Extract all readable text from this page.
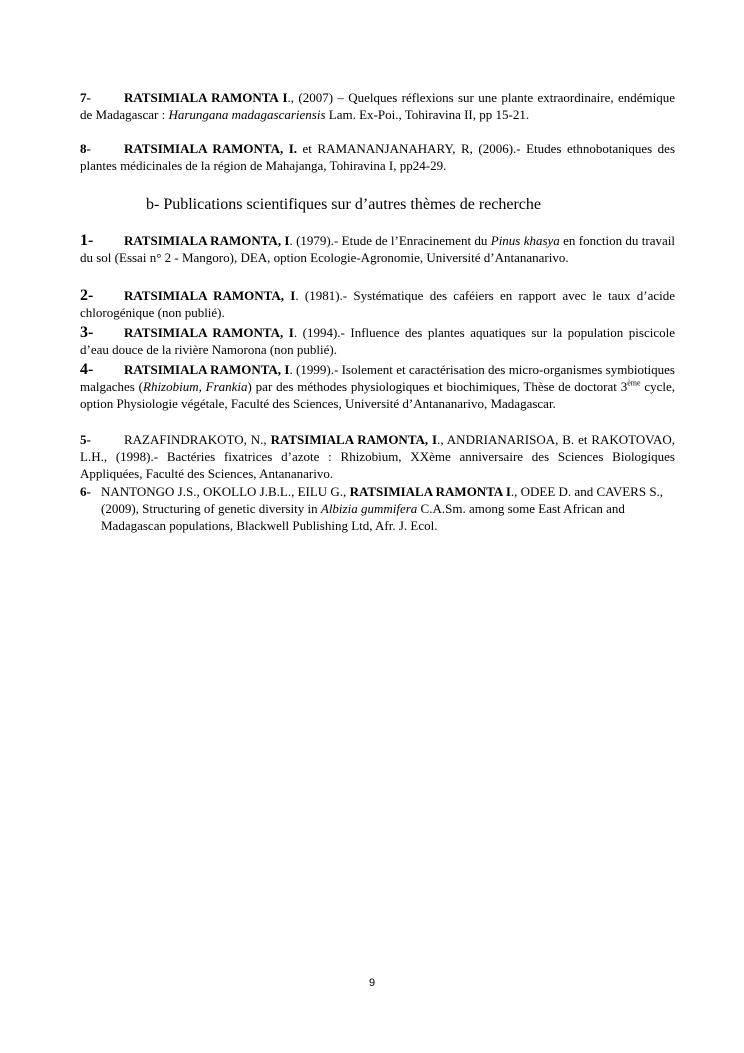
7-	RATSIMIALA RAMONTA I., (2007) – Quelques réflexions sur une plante extraordinaire, endémique de Madagascar : Harungana madagascariensis Lam. Ex-Poi., Tohiravina II, pp 15-21.

8-	RATSIMIALA RAMONTA, I. et RAMANANJANAHARY, R, (2006).- Etudes ethnobotaniques des plantes médicinales de la région de Mahajanga, Tohiravina I, pp24-29.

b- Publications scientifiques sur d’autres thèmes de recherche

1- RATSIMIALA RAMONTA, I. (1979).- Etude de l’Enracinement du Pinus khasya en fonction du travail du sol (Essai n° 2 - Mangoro), DEA, option Ecologie-Agronomie, Université d’Antananarivo.

2- RATSIMIALA RAMONTA, I. (1981).- Systématique des caféiers en rapport avec le taux d’acide chlorogénique (non publié).

3- RATSIMIALA RAMONTA, I. (1994).- Influence des plantes aquatiques sur la population piscicole d’eau douce de la rivière Namorona (non publié).

4- RATSIMIALA RAMONTA, I. (1999).- Isolement et caractérisation des micro-organismes symbiotiques malgaches (Rhizobium, Frankia) par des méthodes physiologiques et biochimiques, Thèse de doctorat 3ème cycle, option Physiologie végétale, Faculté des Sciences, Université d’Antananarivo, Madagascar.

5-	RAZAFINDRAKOTO, N., RATSIMIALA RAMONTA, I., ANDRIANARISOA, B. et RAKOTOVAO, L.H., (1998).- Bactéries fixatrices d’azote : Rhizobium, XXème anniversaire des Sciences Biologiques Appliquées, Faculté des Sciences, Antananarivo.

6- NANTONGO J.S., OKOLLO J.B.L., EILU G., RATSIMIALA RAMONTA I., ODEE D. and CAVERS S., (2009), Structuring of genetic diversity in Albizia gummifera C.A.Sm. among some East African and Madagascan populations, Blackwell Publishing Ltd, Afr. J. Ecol.
9
